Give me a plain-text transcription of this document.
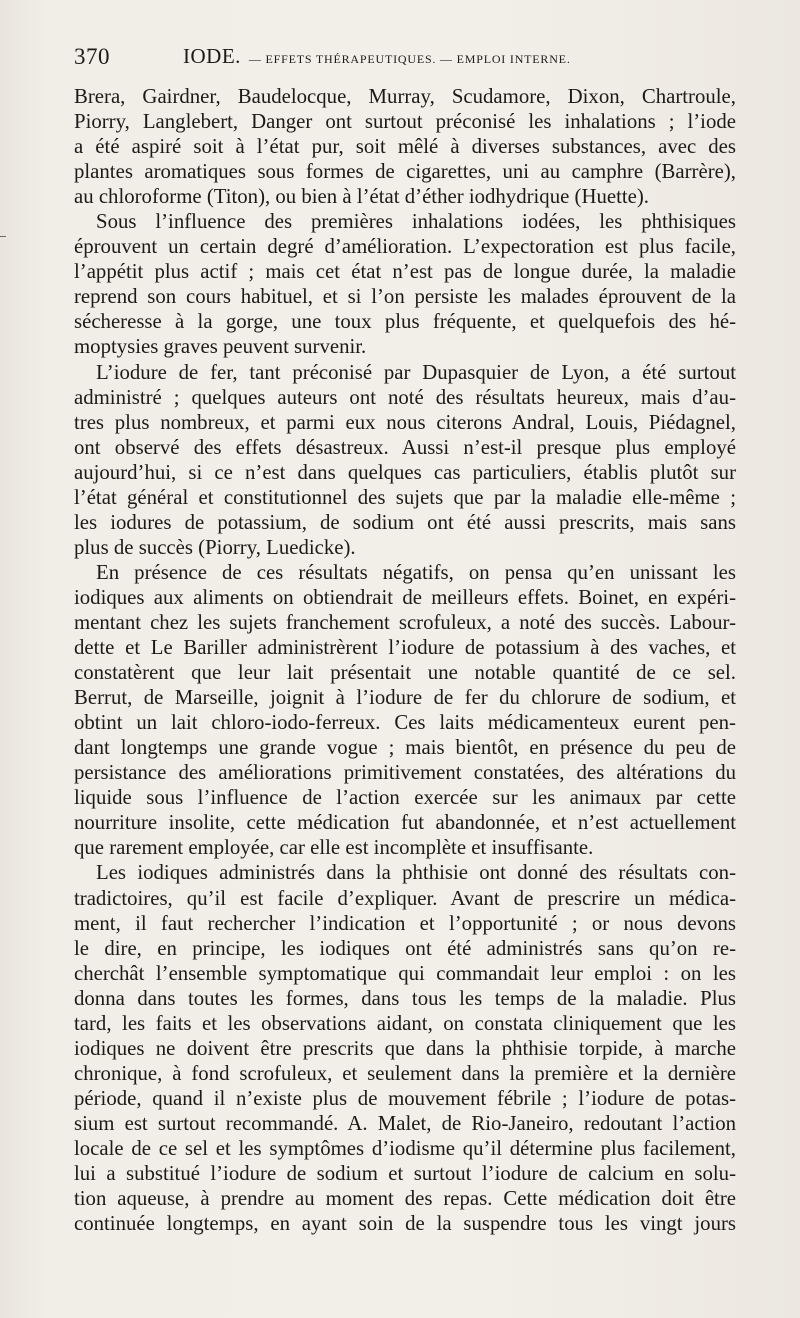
370	IODE. — EFFETS THÉRAPEUTIQUES. — EMPLOI INTERNE.
Brera, Gairdner, Baudelocque, Murray, Scudamore, Dixon, Chartroule,
Piorry, Langlebert, Danger ont surtout préconisé les inhalations ; l’iode
a été aspiré soit à l’état pur, soit mêlé à diverses substances, avec des
plantes aromatiques sous formes de cigarettes, uni au camphre (Barrère),
au chloroforme (Titon), ou bien à l’état d’éther iodhydrique (Huette).
Sous l’influence des premières inhalations iodées, les phthisiques
éprouvent un certain degré d’amélioration. L’expectoration est plus facile,
l’appétit plus actif ; mais cet état n’est pas de longue durée, la maladie
reprend son cours habituel, et si l’on persiste les malades éprouvent de la
sécheresse à la gorge, une toux plus fréquente, et quelquefois des hé-
moptysies graves peuvent survenir.
L’iodure de fer, tant préconisé par Dupasquier de Lyon, a été surtout
administré ; quelques auteurs ont noté des résultats heureux, mais d’au-
tres plus nombreux, et parmi eux nous citerons Andral, Louis, Piédagnel,
ont observé des effets désastreux. Aussi n’est-il presque plus employé
aujourd’hui, si ce n’est dans quelques cas particuliers, établis plutôt sur
l’état général et constitutionnel des sujets que par la maladie elle-même ;
les iodures de potassium, de sodium ont été aussi prescrits, mais sans
plus de succès (Piorry, Luedicke).
En présence de ces résultats négatifs, on pensa qu’en unissant les
iodiques aux aliments on obtiendrait de meilleurs effets. Boinet, en expéri-
mentant chez les sujets franchement scrofuleux, a noté des succès. Labour-
dette et Le Bariller administrèrent l’iodure de potassium à des vaches, et
constatèrent que leur lait présentait une notable quantité de ce sel.
Berrut, de Marseille, joignit à l’iodure de fer du chlorure de sodium, et
obtint un lait chloro-iodo-ferreux. Ces laits médicamenteux eurent pen-
dant longtemps une grande vogue ; mais bientôt, en présence du peu de
persistance des améliorations primitivement constatées, des altérations du
liquide sous l’influence de l’action exercée sur les animaux par cette
nourriture insolite, cette médication fut abandonnée, et n’est actuellement
que rarement employée, car elle est incomplète et insuffisante.
Les iodiques administrés dans la phthisie ont donné des résultats con-
tradictoires, qu’il est facile d’expliquer. Avant de prescrire un médica-
ment, il faut rechercher l’indication et l’opportunité ; or nous devons
le dire, en principe, les iodiques ont été administrés sans qu’on re-
cherchât l’ensemble symptomatique qui commandait leur emploi : on les
donna dans toutes les formes, dans tous les temps de la maladie. Plus
tard, les faits et les observations aidant, on constata cliniquement que les
iodiques ne doivent être prescrits que dans la phthisie torpide, à marche
chronique, à fond scrofuleux, et seulement dans la première et la dernière
période, quand il n’existe plus de mouvement fébrile ; l’iodure de potas-
sium est surtout recommandé. A. Malet, de Rio-Janeiro, redoutant l’action
locale de ce sel et les symptômes d’iodisme qu’il détermine plus facilement,
lui a substitué l’iodure de sodium et surtout l’iodure de calcium en solu-
tion aqueuse, à prendre au moment des repas. Cette médication doit être
continuée longtemps, en ayant soin de la suspendre tous les vingt jours
